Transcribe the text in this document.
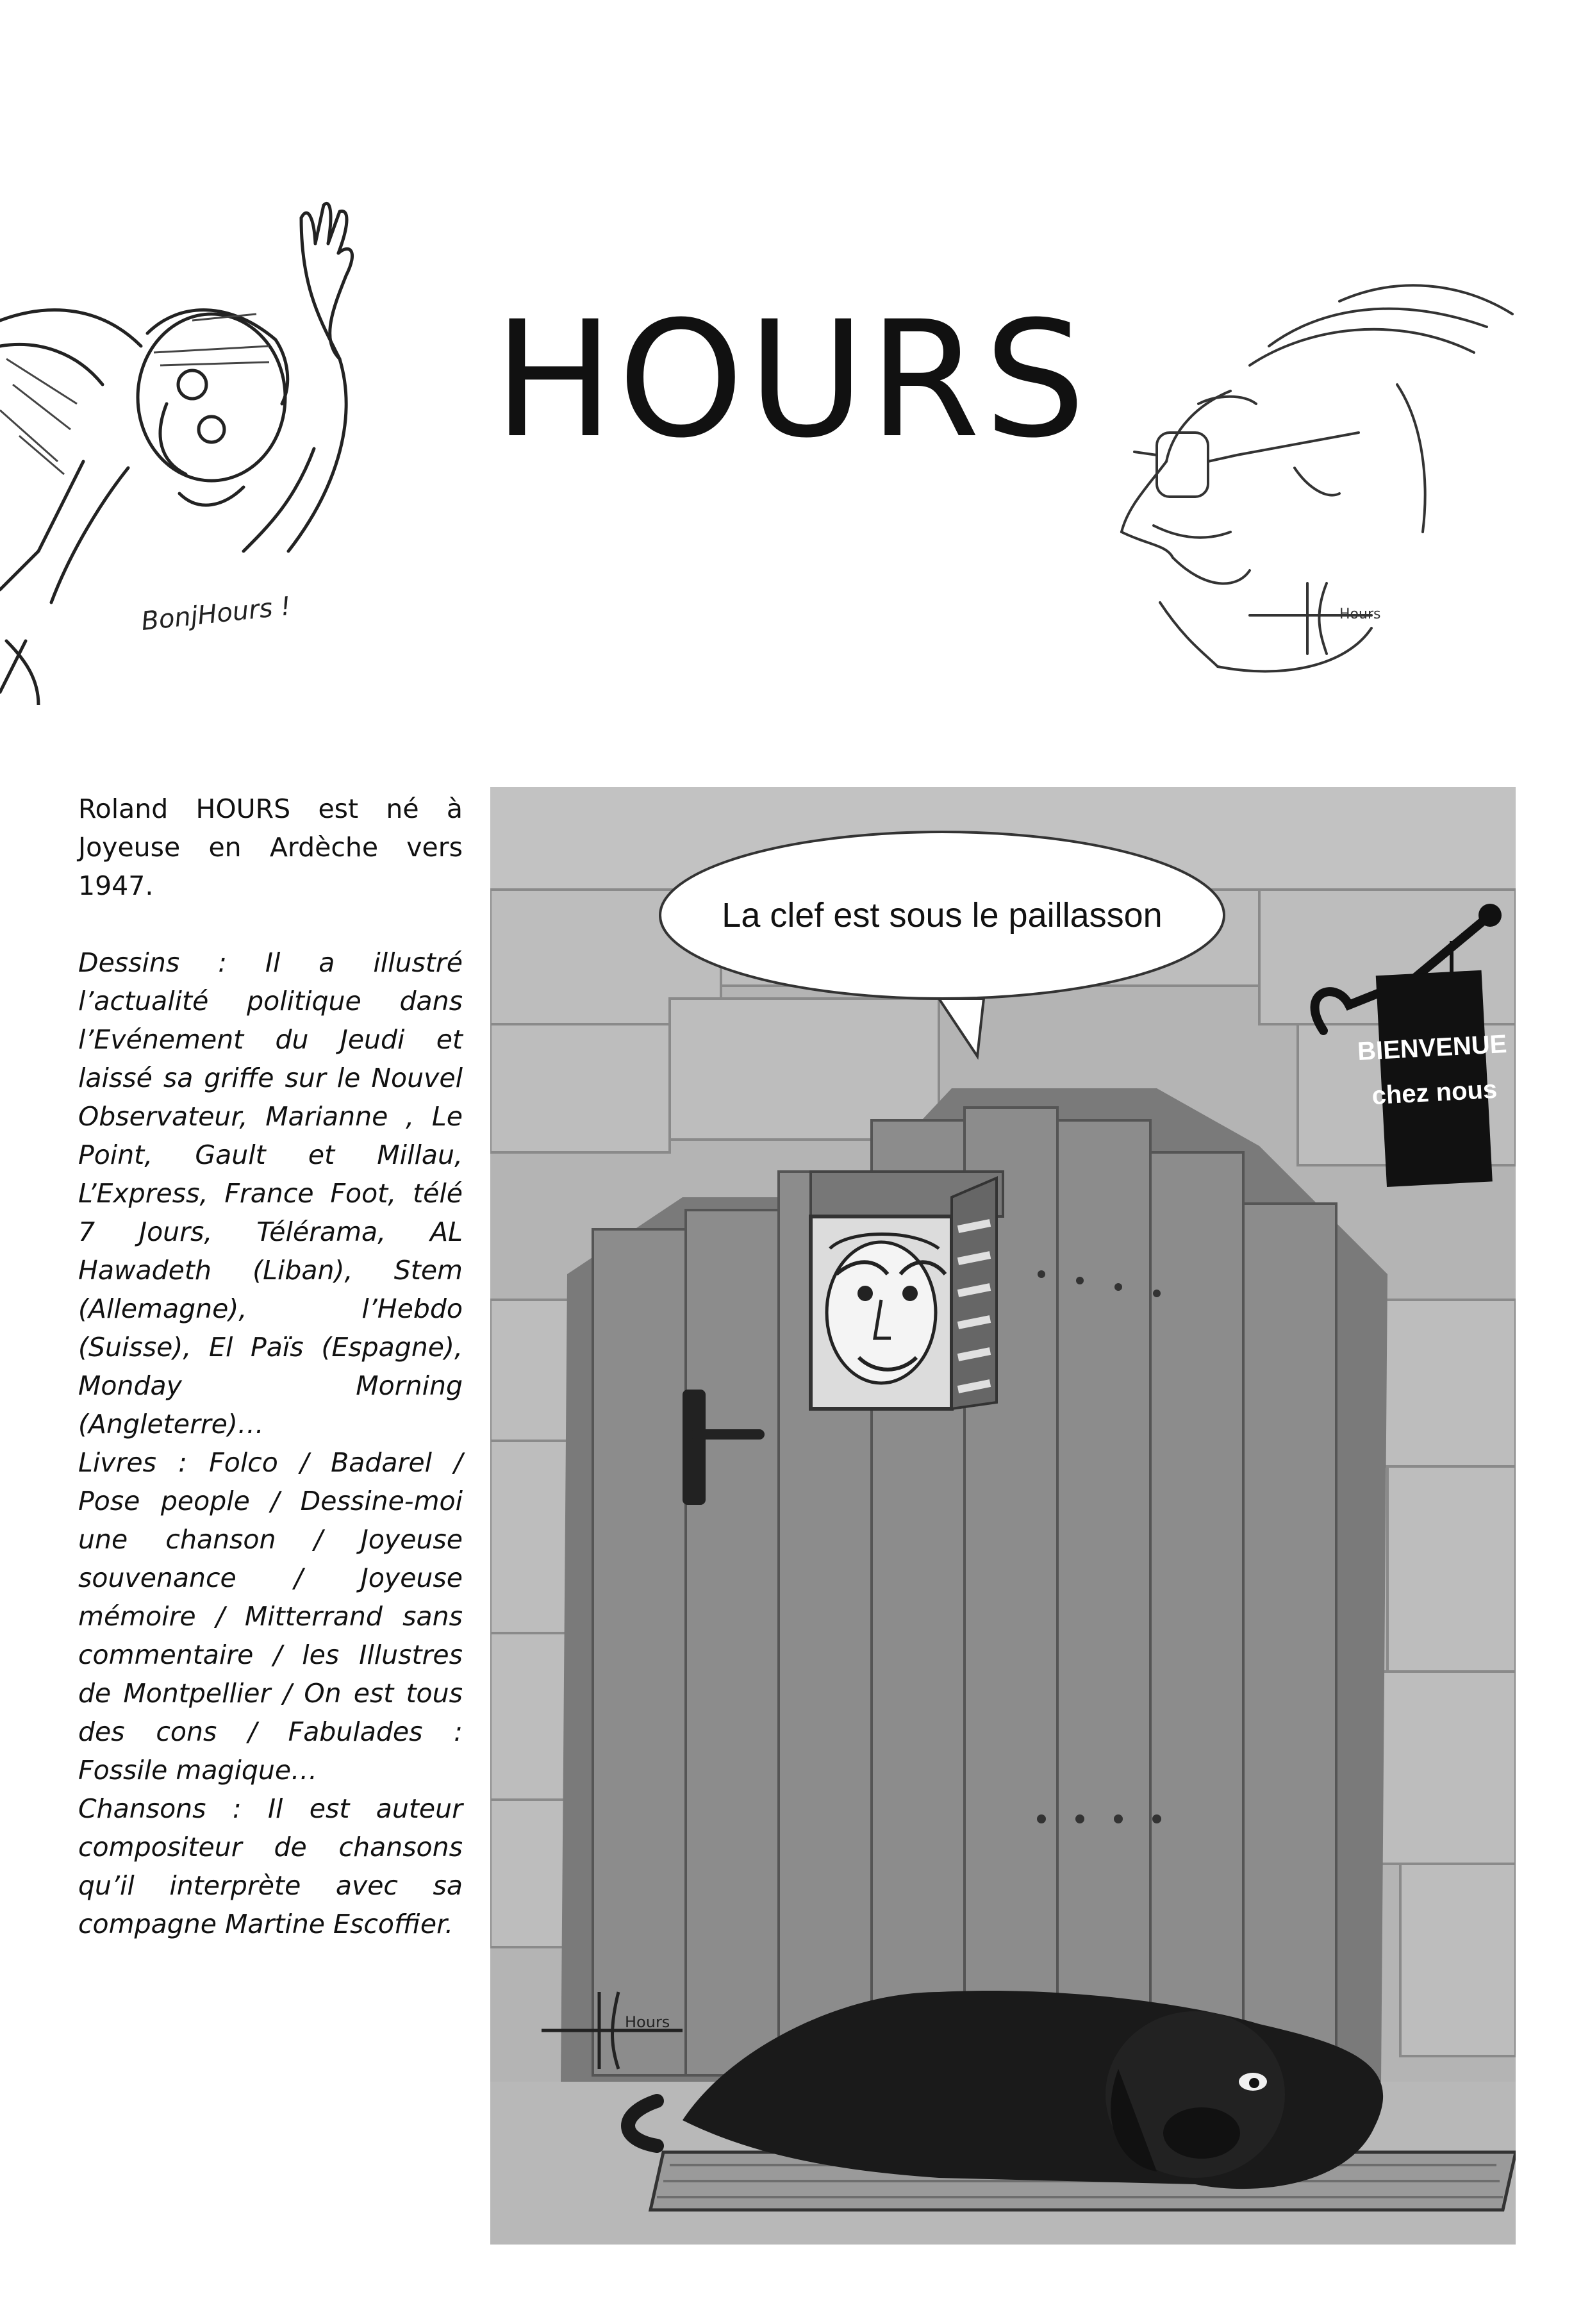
HOURS
BonjHours !	Hours

Roland HOURS est né à Joyeuse en Ardèche vers 1947.

Dessins : Il a illustré l’actualité politique dans l’Evénement du Jeudi et laissé sa griffe sur le Nouvel Observateur, Marianne , Le Point, Gault et Millau, L’Express, France Foot, télé 7 Jours, Télérama, AL Hawadeth (Liban), Stem (Allemagne), l’Hebdo (Suisse), El Païs (Espagne), Monday Morning (Angleterre)…
Livres : Folco / Badarel / Pose people / Dessine-moi une chanson / Joyeuse souvenance / Joyeuse mémoire / Mitterrand sans commentaire / les Illustres de Montpellier / On est tous des cons / Fabulades : Fossile magique…
Chansons : Il est auteur compositeur de chansons qu’il interprète avec sa compagne Martine Escoffier.
BIENVENUE
chez nous
La clef est sous le paillasson
Hours
